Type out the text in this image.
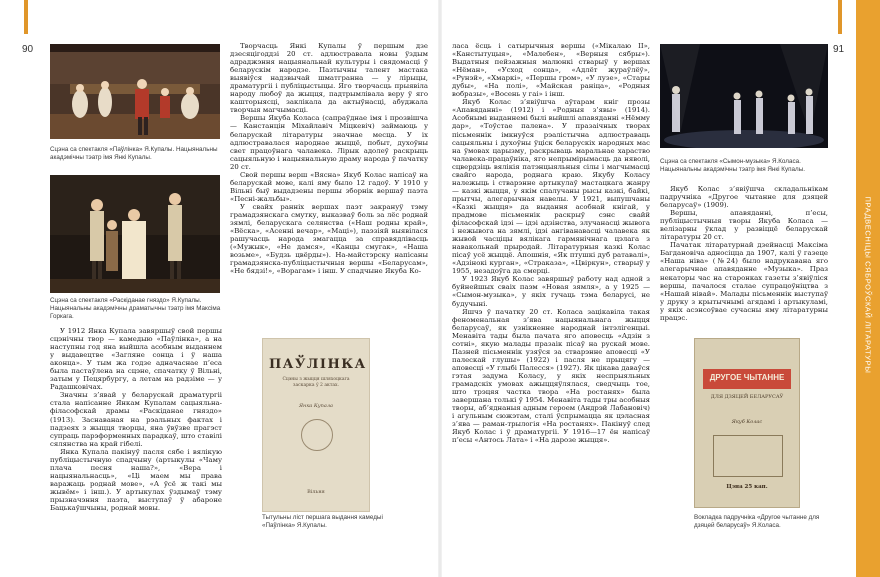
90	91
ПРАДВЕСНІЦЫ СЯБРОЎСКАЙ ЛІТАРАТУРЫ
Сцэна са спектакля «Паўлінка» Я.Купалы. Нацыянальны акадэмічны тэатр імя Янкі Купалы.
Сцэна са спектакля «Раскіданае гняздо» Я.Купалы. Нацыянальны акадэмічны драматычны тэатр імя Максіма Горкага.

У 1912 Янка Купала завяршыў свой першы сцэнічны твор — камедыю «Паўлінка», а на наступны год яна выйшла асобным выданнем у выдавецтве «Загляне сонца і ў наша аконца». У тым жа годзе адначаснае п’еса была пастаўлена на сцэне, спачатку ў Вільні, затым у Пецярбургу, а летам на радзіме — у Радашковічах.

Значны з’явай у беларускай драматургіі стала напісанне Янкам Купалам сацыяльна-філасофскай драмы «Раскіданае гняздо» (1913). Заснаваная на рэальных фактах і падзеях з жыцця творцы, яна ўвўзве прагэст супраць парэформенных парадкаў, што ставілі сялянства на край гібелі.

Янка Купала пакінуў пасля сябе і вялікую публіцыстычную спадчыну (артыкулы «Чаму плача песня наша?», «Вера і нацыянальнасць», «Ці маем мы права варажаць роднай мове», «А ўсё ж такі мы жывём» і інш.). У артыкулах ўздымаў тэму прызначэння паэта, выступаў ў абароне Бацькаўшчыны, роднай мовы.

Творчасць Янкі Купалы ў першым дзе дзесяцігоддзі 20 ст. адлюстравала новы ўздым адраджэння нацыянальнай культуры і свядомасці ў беларускім народзе. Пазтычны талент мастака выявіўся надзвычай шматгранна — у лірыцы, драматургіі і публіцыстыцы. Яго творчасць прыявіла народу любоў да жыцця, падтрымлівала веру ў яго кашторыясці, заклікала да актыўнасці, абуджала творчыя магчымасці.

Вершы Якуба Коласа (сапраўднае імя і прозвішча — Канстанцін Міхайлавіч Міцкевіч) займаюць у беларускай літаратуры значнае месца. У іх адлюстравалася народнае жыццё, побыт, духоўны свет працоўнага чалавека. Лірык адолеў раскрыць сацыяльную і нацыянальную драму народа ў пачатку 20 ст.

Свой першы верш «Вясна» Якуб Колас напісаў на беларускай мове, калі яму было 12 гадоў. У 1910 у Вільні быў выдадзены першы зборнік вершаў паэта «Песні-жальбы».

У свайх ранніх вершах паэт закрануў тэму грамадзянскага смутку, выказваў боль за лёс роднай зямлі, беларускага селянства («Наш родны край», «Вёска», «Асенні вечар», «Маці»), паэзіяй выявілася рашучасць народа змагацца за справядлівасць («Мужык», «Не дамся», «Канцы смугак», «Наша возьме», «Будзь цвёрды»). На-майстэрску напісаны грамадзянска-публіцыстычныя вершы «Беларусам», «Не бядзі!», «Ворагам» і інш. У спадчыне Якуба Ко-

ПАЎЛІНКА
Сцэны з жыцця шляхоцкага заскарка ў 2 актах.
Янка Купала
Вільня
Тытульны ліст першага выдання камедыі «Паўлінка» Я.Купалы.

ласа ёсць і сатырычныя вершы («Мікалаю II», «Канстытуцыя», «Малебен», «Верныя сябры»). Выдатныя пейзажныя малюнкі стварыў у вершах «Нёман», «Усход сонца», «Адлёт жураўлёў», «Рунэй», «Хмаркі», «Першы гром», «У лузе», «Стары дубы», «На полі», «Майская раніца», «Родныя вобразы», «Восень у гаі» і інш.

Якуб Колас з’явіўшча аўтарам кніг прозы «Апавяданні» (1912) і «Родныя з’явы» (1914). Асобнымі выданнемі былі выйшлі апавяданні «Нёмму дар», «Тоўстае палена». У празаічных творах пісьменнік імкнуўся рэалістычна адлюстраваць сацыяльны і духоўны ўціск беларускіх народных мас на ўмовах царызму, раскрываць маральнае хараство чалавека-працаўніка, яго непрымірымасць да няволі, сцвердзіць вялікія патэнцыяльныя сілы і магчымасці свайго народа, роднага краю. Якубу Коласу належыць і стварэнне артыкулаў мастацкага жанру — казкі жыцця, у якім спалучаны рысы казкі, байкі, прытчы, алегарычная навелы. У 1921, выпушчаны «Казкі жыцця» да выдання асобнай кнігай, у прадмове пісьменнік раскрыў сэнс свайй філасофскай ідэі — ідэі адзінства, злучанасці жывога і нежывога на зямлі, ідэі ангіванавасці чалавека як жывой часціцы вялікага гармянічнага цэлага з навакольнай прыродай. Літаратурныя казкі Колас пісаў усё жыццё. Апошнія, «Як птушкі дуб ратавалі», «Адзінокі курган», «Страказа», «Цвіркун», стварыў у 1955, незадоўга да смерці.

У 1923 Якуб Колас завяршыў работу над адной з буйнейшых сваіх паэм «Новая зямля», а у 1925 — «Сымон-музыка», у якіх гучаць тэма беларусі, не будучыні.

Яшчэ ў пачатку 20 ст. Коласа зацікавіла такая феноменальная з’ява нацыянальнага жыцця беларусаў, як узнікненне народнай інтэлігенцыі. Менавіта тады была пачата яго аповесць «Адзін з сотні», якую малады празаік пісаў на рускай мове. Пазней пісьменнік узяўся за стварэнне аповесці «У палескай глушы» (1922) і пасля не прыцягу — аповесці «У глыбі Палесся» (1927). Як цікава даваўся гэтая задума Коласу, у якіх неспрыяльных грамадскіх умовах ажыццяўлялася, сведчыць тое, што трэцяя частка твора «На ростанях» была завершана толькі ў 1954. Менавіта тады тры асобныя творы, аб’яднаныя адным героем (Андрэй Лабановіч) і агульным сюжэтам, сталі ўспрымацца як цэласная з’ява — раман-трылогія «На ростанях». Пакінуў след Якуб Колас і ў драматургіі. У 1916—17 ён напісаў п’есы «Антось Лата» і «На дарозе жыцця».

Сцэна са спектакля «Сымон-музыка» Я.Коласа. Нацыянальны акадэмічны тэатр імя Янкі Купалы.

Якуб Колас з’явіўшча складальнікам падручніка «Другое чытанне для дзяцей беларусаў» (1909).

Вершы, апавяданні, п’есы, публіцыстычныя творы Якуба Коласа — велізарны ўклад у развіццё беларускай літаратуры 20 ст.

Пачатак літаратурнай дзейнасці Максіма Багдановіча адносіцца да 1907, калі ў газеце «Наша ніва» (№24) было надрукавана яго алегарычнае апавяданне «Музыка». Праз некаторы час на старонках газеты з’явіўліся вершы, пачалося сталае супрацоўніцтва з «Нашай нівай». Малады пісьменнік выступаў у друку з крытычнымі агядамі і артыкуламі, у якіх асэнсоўвае сучасны яму літаратурны працэс.

ДРУГОЕ ЧЫТАННЕ
ДЛЯ ДЗЯЦЕЙ БЕЛАРУСАЎ
Якуб Колас
Цэна 25 кап.
Вокладка падручніка «Другое чытанне для дзяцей беларусаў» Я.Коласа.
